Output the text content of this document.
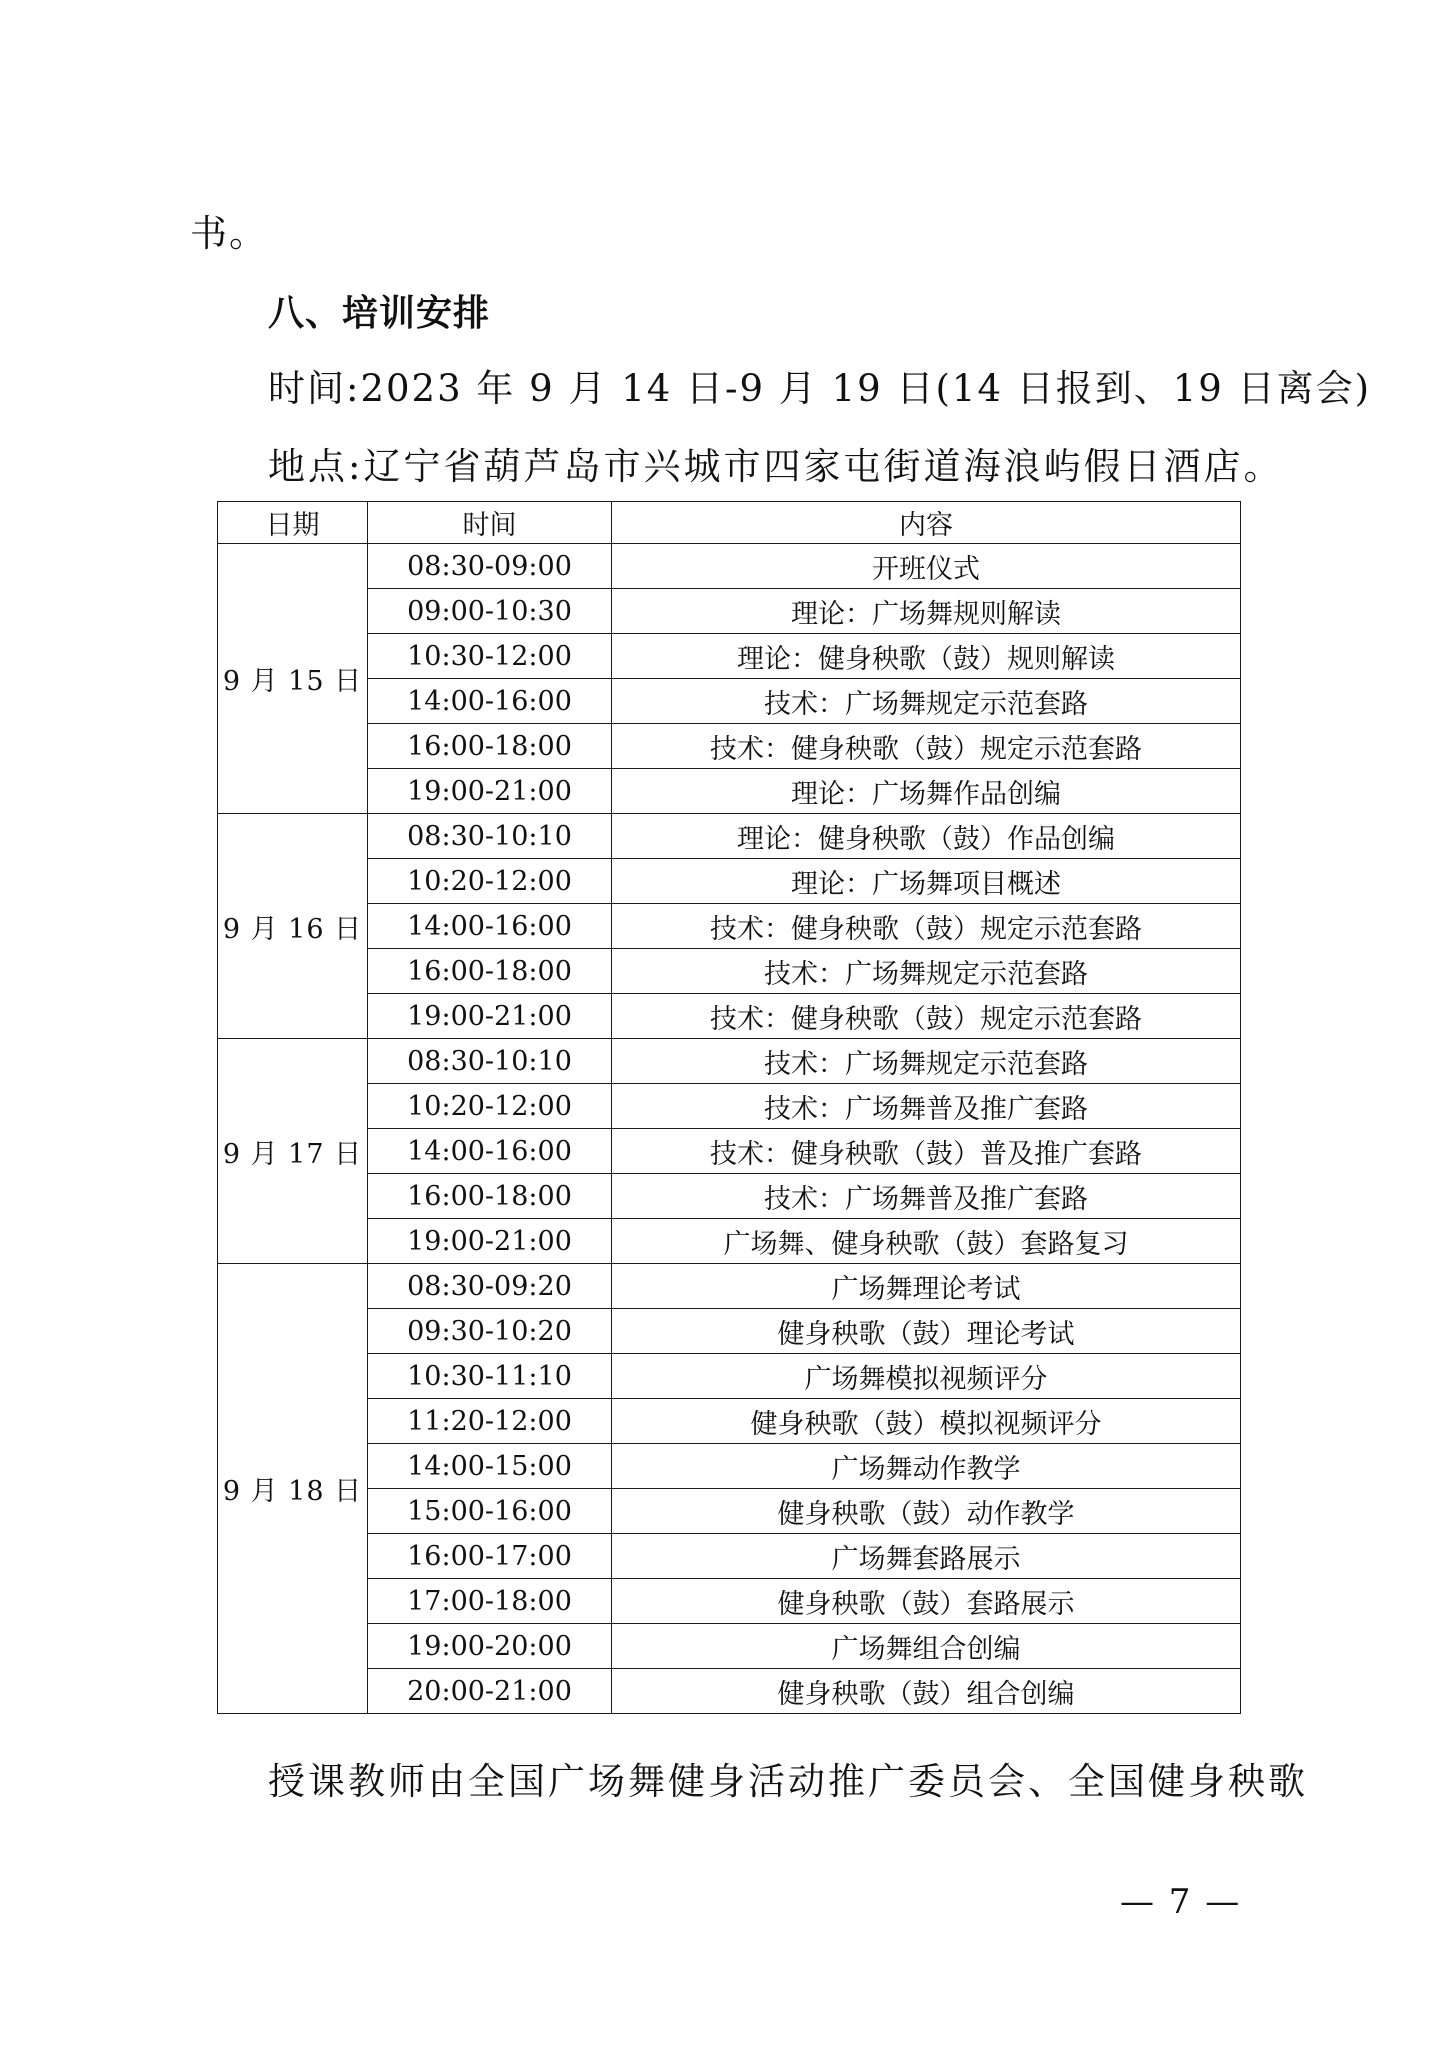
书。
八、培训安排
时间:2023 年 9 月 14 日-9 月 19 日(14 日报到、19 日离会)
地点:辽宁省葫芦岛市兴城市四家屯街道海浪屿假日酒店。
日期	时间	内容
9 月 15 日	08:30-09:00	开班仪式
	09:00-10:30	理论：广场舞规则解读
	10:30-12:00	理论：健身秧歌（鼓）规则解读
	14:00-16:00	技术：广场舞规定示范套路
	16:00-18:00	技术：健身秧歌（鼓）规定示范套路
	19:00-21:00	理论：广场舞作品创编
9 月 16 日	08:30-10:10	理论：健身秧歌（鼓）作品创编
	10:20-12:00	理论：广场舞项目概述
	14:00-16:00	技术：健身秧歌（鼓）规定示范套路
	16:00-18:00	技术：广场舞规定示范套路
	19:00-21:00	技术：健身秧歌（鼓）规定示范套路
9 月 17 日	08:30-10:10	技术：广场舞规定示范套路
	10:20-12:00	技术：广场舞普及推广套路
	14:00-16:00	技术：健身秧歌（鼓）普及推广套路
	16:00-18:00	技术：广场舞普及推广套路
	19:00-21:00	广场舞、健身秧歌（鼓）套路复习
9 月 18 日	08:30-09:20	广场舞理论考试
	09:30-10:20	健身秧歌（鼓）理论考试
	10:30-11:10	广场舞模拟视频评分
	11:20-12:00	健身秧歌（鼓）模拟视频评分
	14:00-15:00	广场舞动作教学
	15:00-16:00	健身秧歌（鼓）动作教学
	16:00-17:00	广场舞套路展示
	17:00-18:00	健身秧歌（鼓）套路展示
	19:00-20:00	广场舞组合创编
	20:00-21:00	健身秧歌（鼓）组合创编
授课教师由全国广场舞健身活动推广委员会、全国健身秧歌
— 7 —
